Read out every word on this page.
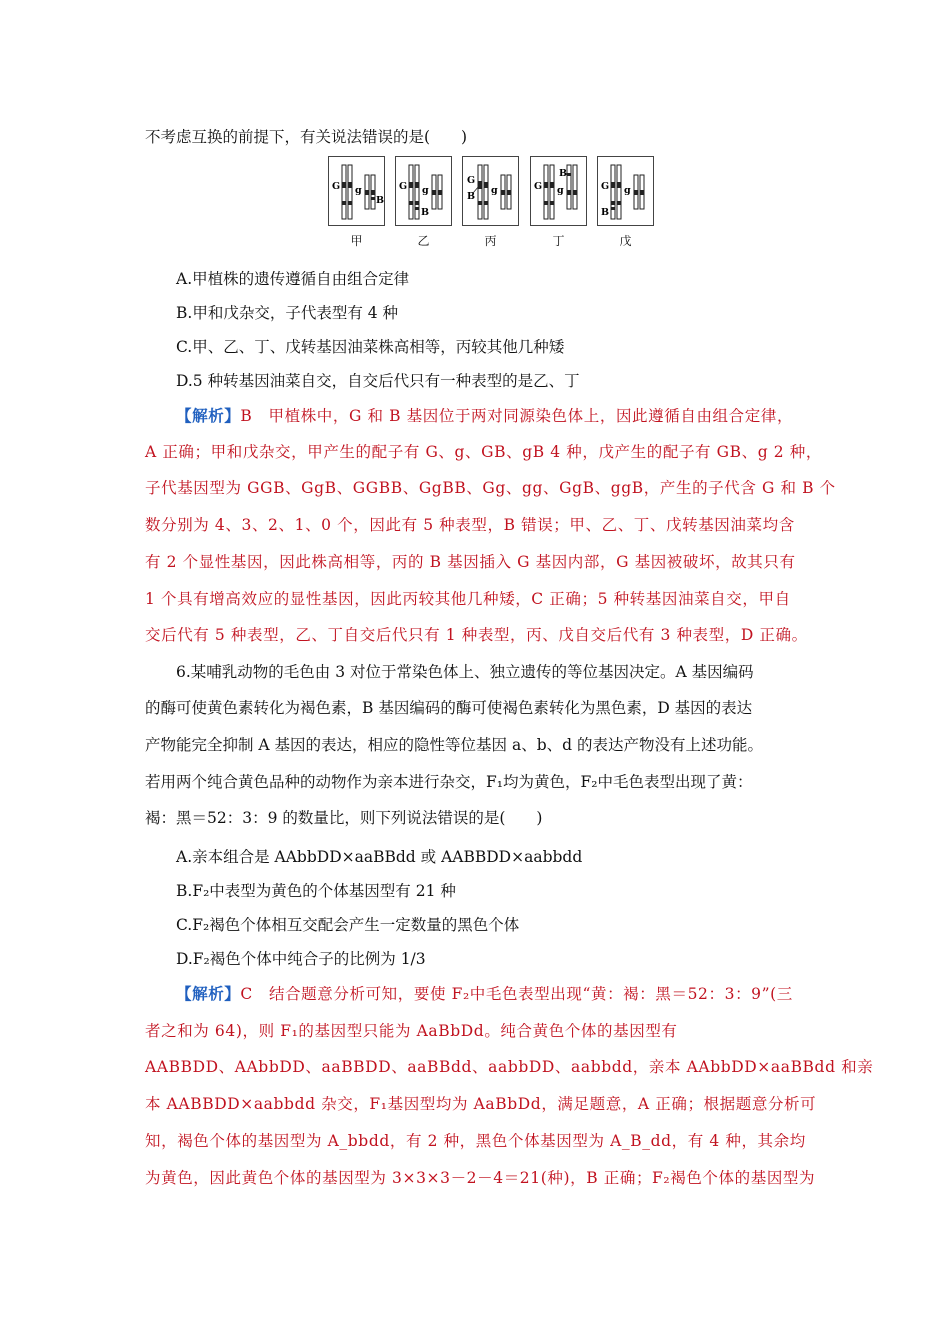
不考虑互换的前提下，有关说法错误的是(　　)
G g
B
甲
G g
B
乙
G
B
g
丙
G g
B
丁
G g
B
戊
A.甲植株的遗传遵循自由组合定律
B.甲和戊杂交，子代表型有 4 种
C.甲、乙、丁、戊转基因油菜株高相等，丙较其他几种矮
D.5 种转基因油菜自交，自交后代只有一种表型的是乙、丁
【解析】B　甲植株中，G 和 B 基因位于两对同源染色体上，因此遵循自由组合定律，
A 正确；甲和戊杂交，甲产生的配子有 G、g、GB、gB 4 种，戊产生的配子有 GB、g 2 种，
子代基因型为 GGB、GgB、GGBB、GgBB、Gg、gg、GgB、ggB，产生的子代含 G 和 B 个
数分别为 4、3、2、1、0 个，因此有 5 种表型，B 错误；甲、乙、丁、戊转基因油菜均含
有 2 个显性基因，因此株高相等，丙的 B 基因插入 G 基因内部，G 基因被破坏，故其只有
1 个具有增高效应的显性基因，因此丙较其他几种矮，C 正确；5 种转基因油菜自交，甲自
交后代有 5 种表型，乙、丁自交后代只有 1 种表型，丙、戊自交后代有 3 种表型，D 正确。
6.某哺乳动物的毛色由 3 对位于常染色体上、独立遗传的等位基因决定。A 基因编码
的酶可使黄色素转化为褐色素，B 基因编码的酶可使褐色素转化为黑色素，D 基因的表达
产物能完全抑制 A 基因的表达，相应的隐性等位基因 a、b、d 的表达产物没有上述功能。
若用两个纯合黄色品种的动物作为亲本进行杂交，F₁均为黄色，F₂中毛色表型出现了黄：
褐：黑＝52：3：9 的数量比，则下列说法错误的是(　　)
A.亲本组合是 AAbbDD×aaBBdd 或 AABBDD×aabbdd
B.F₂中表型为黄色的个体基因型有 21 种
C.F₂褐色个体相互交配会产生一定数量的黑色个体
D.F₂褐色个体中纯合子的比例为 1/3
【解析】C　结合题意分析可知，要使 F₂中毛色表型出现“黄：褐：黑＝52：3：9”(三
者之和为 64)，则 F₁的基因型只能为 AaBbDd。纯合黄色个体的基因型有
AABBDD、AAbbDD、aaBBDD、aaBBdd、aabbDD、aabbdd，亲本 AAbbDD×aaBBdd 和亲
本 AABBDD×aabbdd 杂交，F₁基因型均为 AaBbDd，满足题意，A 正确；根据题意分析可
知，褐色个体的基因型为 A_bbdd，有 2 种，黑色个体基因型为 A_B_dd，有 4 种，其余均
为黄色，因此黄色个体的基因型为 3×3×3－2－4＝21(种)，B 正确；F₂褐色个体的基因型为
